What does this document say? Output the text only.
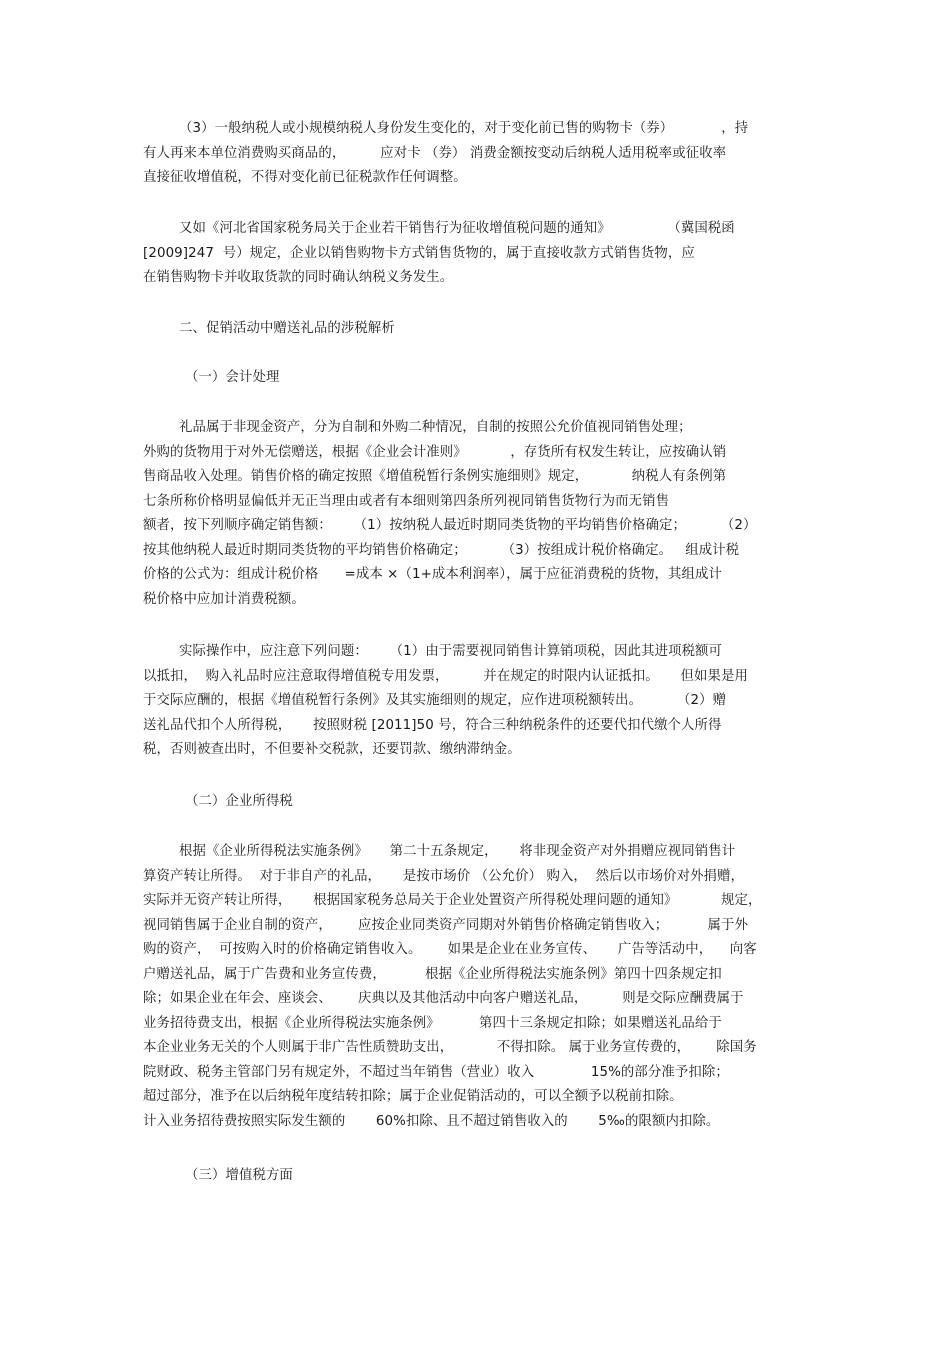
（3）一般纳税人或小规模纳税人身份发生变化的，对于变化前已售的购物卡（券）           ，持
有人再来本单位消费购买商品的，        应对卡 （券） 消费金额按变动后纳税人适用税率或征收率
直接征收增值税，不得对变化前已征税款作任何调整。
又如《河北省国家税务局关于企业若干销售行为征收增值税问题的通知》             （冀国税函
[2009]247  号）规定，企业以销售购物卡方式销售货物的，属于直接收款方式销售货物，应
在销售购物卡并收取货款的同时确认纳税义务发生。
二、促销活动中赠送礼品的涉税解析
（一）会计处理
礼品属于非现金资产，分为自制和外购二种情况，自制的按照公允价值视同销售处理；
外购的货物用于对外无偿赠送，根据《企业会计准则》          ，存货所有权发生转让，应按确认销
售商品收入处理。销售价格的确定按照《增值税暂行条例实施细则》规定，          纳税人有条例第
七条所称价格明显偏低并无正当理由或者有本细则第四条所列视同销售货物行为而无销售
额者，按下列顺序确定销售额：     （1）按纳税人最近时期同类货物的平均销售价格确定；        （2）
按其他纳税人最近时期同类货物的平均销售价格确定；        （3）按组成计税价格确定。   组成计税
价格的公式为：组成计税价格      =成本 ×（1+成本利润率），属于应征消费税的货物，其组成计
税价格中应加计消费税额。
实际操作中，应注意下列问题：     （1）由于需要视同销售计算销项税，因此其进项税额可
以抵扣，  购入礼品时应注意取得增值税专用发票，        并在规定的时限内认证抵扣。     但如果是用
于交际应酬的，根据《增值税暂行条例》及其实施细则的规定，应作进项税额转出。        （2）赠
送礼品代扣个人所得税，     按照财税 [2011]50 号，符合三种纳税条件的还要代扣代缴个人所得
税，否则被查出时，不但要补交税款，还要罚款、缴纳滞纳金。
（二）企业所得税
根据《企业所得税法实施条例》     第二十五条规定，     将非现金资产对外捐赠应视同销售计
算资产转让所得。  对于非自产的礼品，     是按市场价 （公允价） 购入，  然后以市场价对外捐赠，
实际并无资产转让所得，     根据国家税务总局关于企业处置资产所得税处理问题的通知》          规定，
视同销售属于企业自制的资产，      应按企业同类资产同期对外销售价格确定销售收入；         属于外
购的资产，  可按购入时的价格确定销售收入。      如果是企业在业务宣传、     广告等活动中，    向客
户赠送礼品，属于广告费和业务宣传费，         根据《企业所得税法实施条例》第四十四条规定扣
除；如果企业在年会、座谈会、      庆典以及其他活动中向客户赠送礼品，        则是交际应酬费属于
业务招待费支出，根据《企业所得税法实施条例》         第四十三条规定扣除；如果赠送礼品给于
本企业业务无关的个人则属于非广告性质赞助支出，          不得扣除。 属于业务宣传费的，      除国务
院财政、税务主管部门另有规定外，不超过当年销售（营业）收入             15%的部分准予扣除；
超过部分，准予在以后纳税年度结转扣除；属于企业促销活动的，可以全额予以税前扣除。
计入业务招待费按照实际发生额的       60%扣除、且不超过销售收入的       5‰的限额内扣除。
（三）增值税方面
